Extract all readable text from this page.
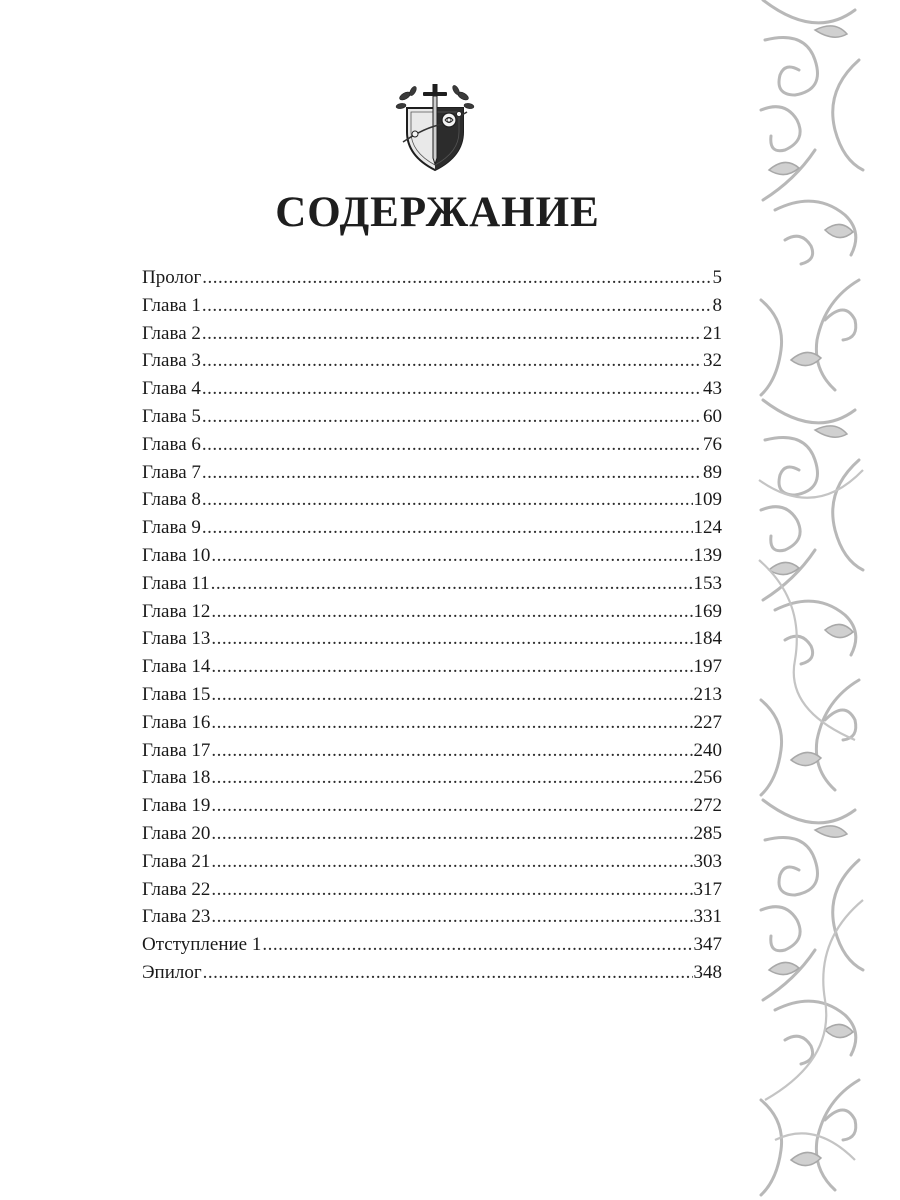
СОДЕРЖАНИЕ
Пролог .....	5
Глава 1 .....	8
Глава 2 .....	21
Глава 3 .....	32
Глава 4 .....	43
Глава 5 .....	60
Глава 6 .....	76
Глава 7 .....	89
Глава 8 .....	109
Глава 9 .....	124
Глава 10 .....	139
Глава 11 .....	153
Глава 12 .....	169
Глава 13 .....	184
Глава 14 .....	197
Глава 15 .....	213
Глава 16 .....	227
Глава 17 .....	240
Глава 18 .....	256
Глава 19 .....	272
Глава 20 .....	285
Глава 21 .....	303
Глава 22 .....	317
Глава 23 .....	331
Отступление 1 .....	347
Эпилог .....	348
